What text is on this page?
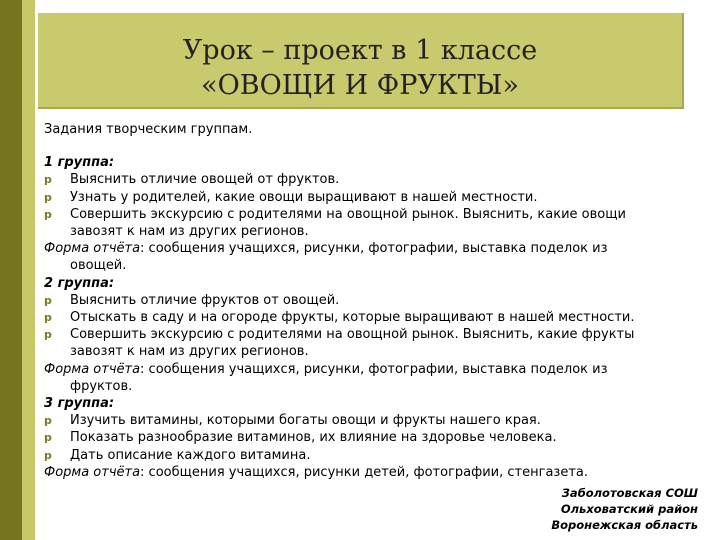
Урок – проект в 1 классе
«ОВОЩИ И ФРУКТЫ»
Задания творческим группам.
1 группа:
p Выяснить отличие овощей от фруктов.
p Узнать у родителей, какие овощи выращивают в нашей местности.
p Совершить экскурсию с родителями на овощной рынок. Выяснить, какие овощи
завозят к нам из других регионов.
Форма отчёта: сообщения учащихся, рисунки, фотографии, выставка поделок из
овощей.
2 группа:
p Выяснить отличие фруктов от овощей.
p Отыскать в саду и на огороде фрукты, которые выращивают в нашей местности.
p Совершить экскурсию с родителями на овощной рынок. Выяснить, какие фрукты
завозят к нам из других регионов.
Форма отчёта: сообщения учащихся, рисунки, фотографии, выставка поделок из
фруктов.
3 группа:
p Изучить витамины, которыми богаты овощи и фрукты нашего края.
p Показать разнообразие витаминов, их влияние на здоровье человека.
p Дать описание каждого витамина.
Форма отчёта: сообщения учащихся, рисунки детей, фотографии, стенгазета.
Заболотовская СОШ
Ольховатский район
Воронежская область
